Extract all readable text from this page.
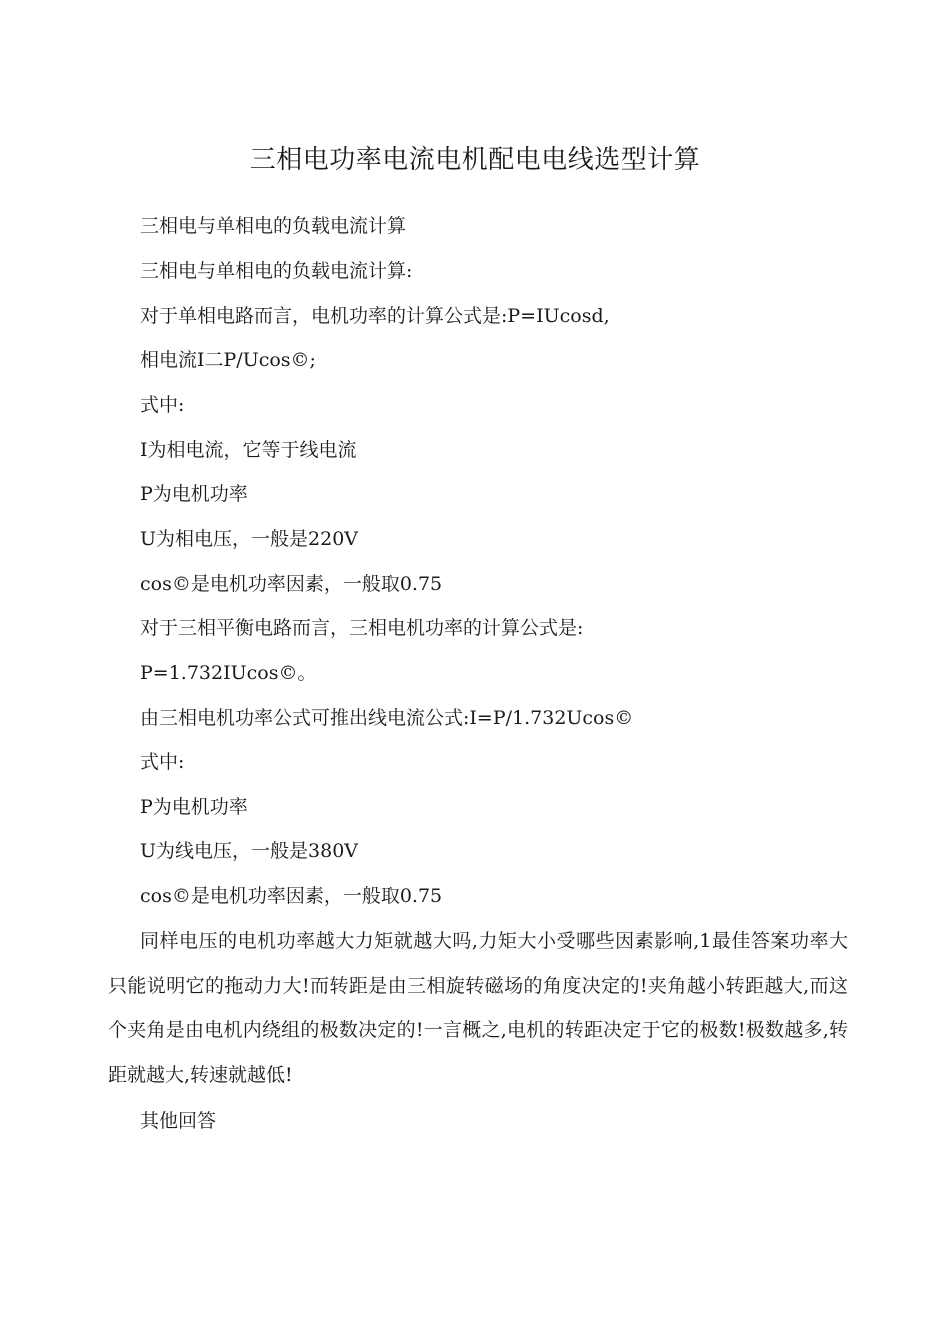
三相电功率电流电机配电电线选型计算

三相电与单相电的负载电流计算

三相电与单相电的负载电流计算:

对于单相电路而言，电机功率的计算公式是:P=IUcosd,

相电流I二P/Ucos©;

式中:

I为相电流，它等于线电流

P为电机功率

U为相电压，一般是220V

cos©是电机功率因素，一般取0.75

对于三相平衡电路而言，三相电机功率的计算公式是:

P=1.732IUcos©。

由三相电机功率公式可推出线电流公式:I=P/1.732Ucos©

式中:

P为电机功率

U为线电压，一般是380V

cos©是电机功率因素，一般取0.75

同样电压的电机功率越大力矩就越大吗,力矩大小受哪些因素影响,1最佳答案功率大只能说明它的拖动力大!而转距是由三相旋转磁场的角度决定的!夹角越小转距越大,而这个夹角是由电机内绕组的极数决定的!一言概之,电机的转距决定于它的极数!极数越多,转距就越大,转速就越低!

其他回答
